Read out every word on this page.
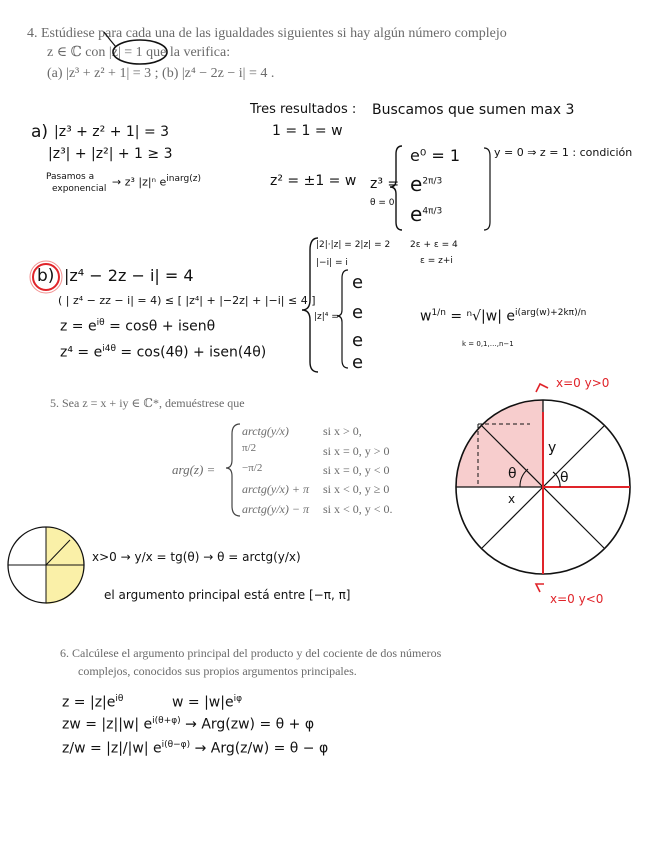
4. Estúdiese para cada una de las igualdades siguientes si hay algún número complejo
z ∈ ℂ con |z| = 1 que la verifica:
(a) |z³ + z² + 1| = 3 ; (b) |z⁴ − 2z − i| = 4 .
Tres resultados : Buscamos que sumen max 3
a) |z³ + z² + 1| = 3
|z³| + |z²| + 1 ≥ 3
Pasamos a
exponencial
→ z³ |z|ⁿ $e^{inarg(z)}$
1 = 1 = w
z² = ±1 = w z³ =
θ = 0
e⁰ = 1
$e^{2\pi/3}$
$e^{4\pi/3}$
y = 0 ⇒ z = 1 : condición
b) |z⁴ − 2z − i| = 4
( | z⁴ − zz − i| = 4) ≤ [ |z⁴| + |−2z| + |−i| ≤ 4 ]
$z = e^{i\theta} = \cos\theta$ + isenθ
$z^4 = e^{i4\theta} = \cos(4\theta)$ + isen(4θ)
|2|·|z| = 2|z| = 2
|−i| = i
|z|⁴ =
e
e
e
e
2ε + ε = 4
ε = z+i
$w^{1/n} = ^n√|w|$ $e^{i(arg(w)+2k\pi)/n}$
k = 0,1,…,n−1
5. Sea z = x + iy ∈ ℂ*, demuéstrese que
arg(z) =
arctg(y/x)	si x > 0,
π/2	si x = 0, y > 0
−π/2	si x = 0, y < 0
arctg(y/x) + π si x < 0, y ≥ 0
arctg(y/x) − π si x < 0, y < 0.
x=0 y>0
x=0 y<0
y
x
θ
θ
x>0 → y/x = tg(θ) → θ = arctg(y/x)
el argumento principal está entre [−π, π]
6. Calcúlese el argumento principal del producto y del cociente de dos números
complejos, conocidos sus propios argumentos principales.
$z = |z|e^{i\theta}$	$w = |w|e^{i\varphi}$
zw = |z||w| $e^{i(\theta+\varphi)} \to Arg(zw) = \theta + \varphi$
z/w = |z|/|w| $e^{i(\theta-\varphi)} \to Arg(z/w) = \theta - \varphi$
